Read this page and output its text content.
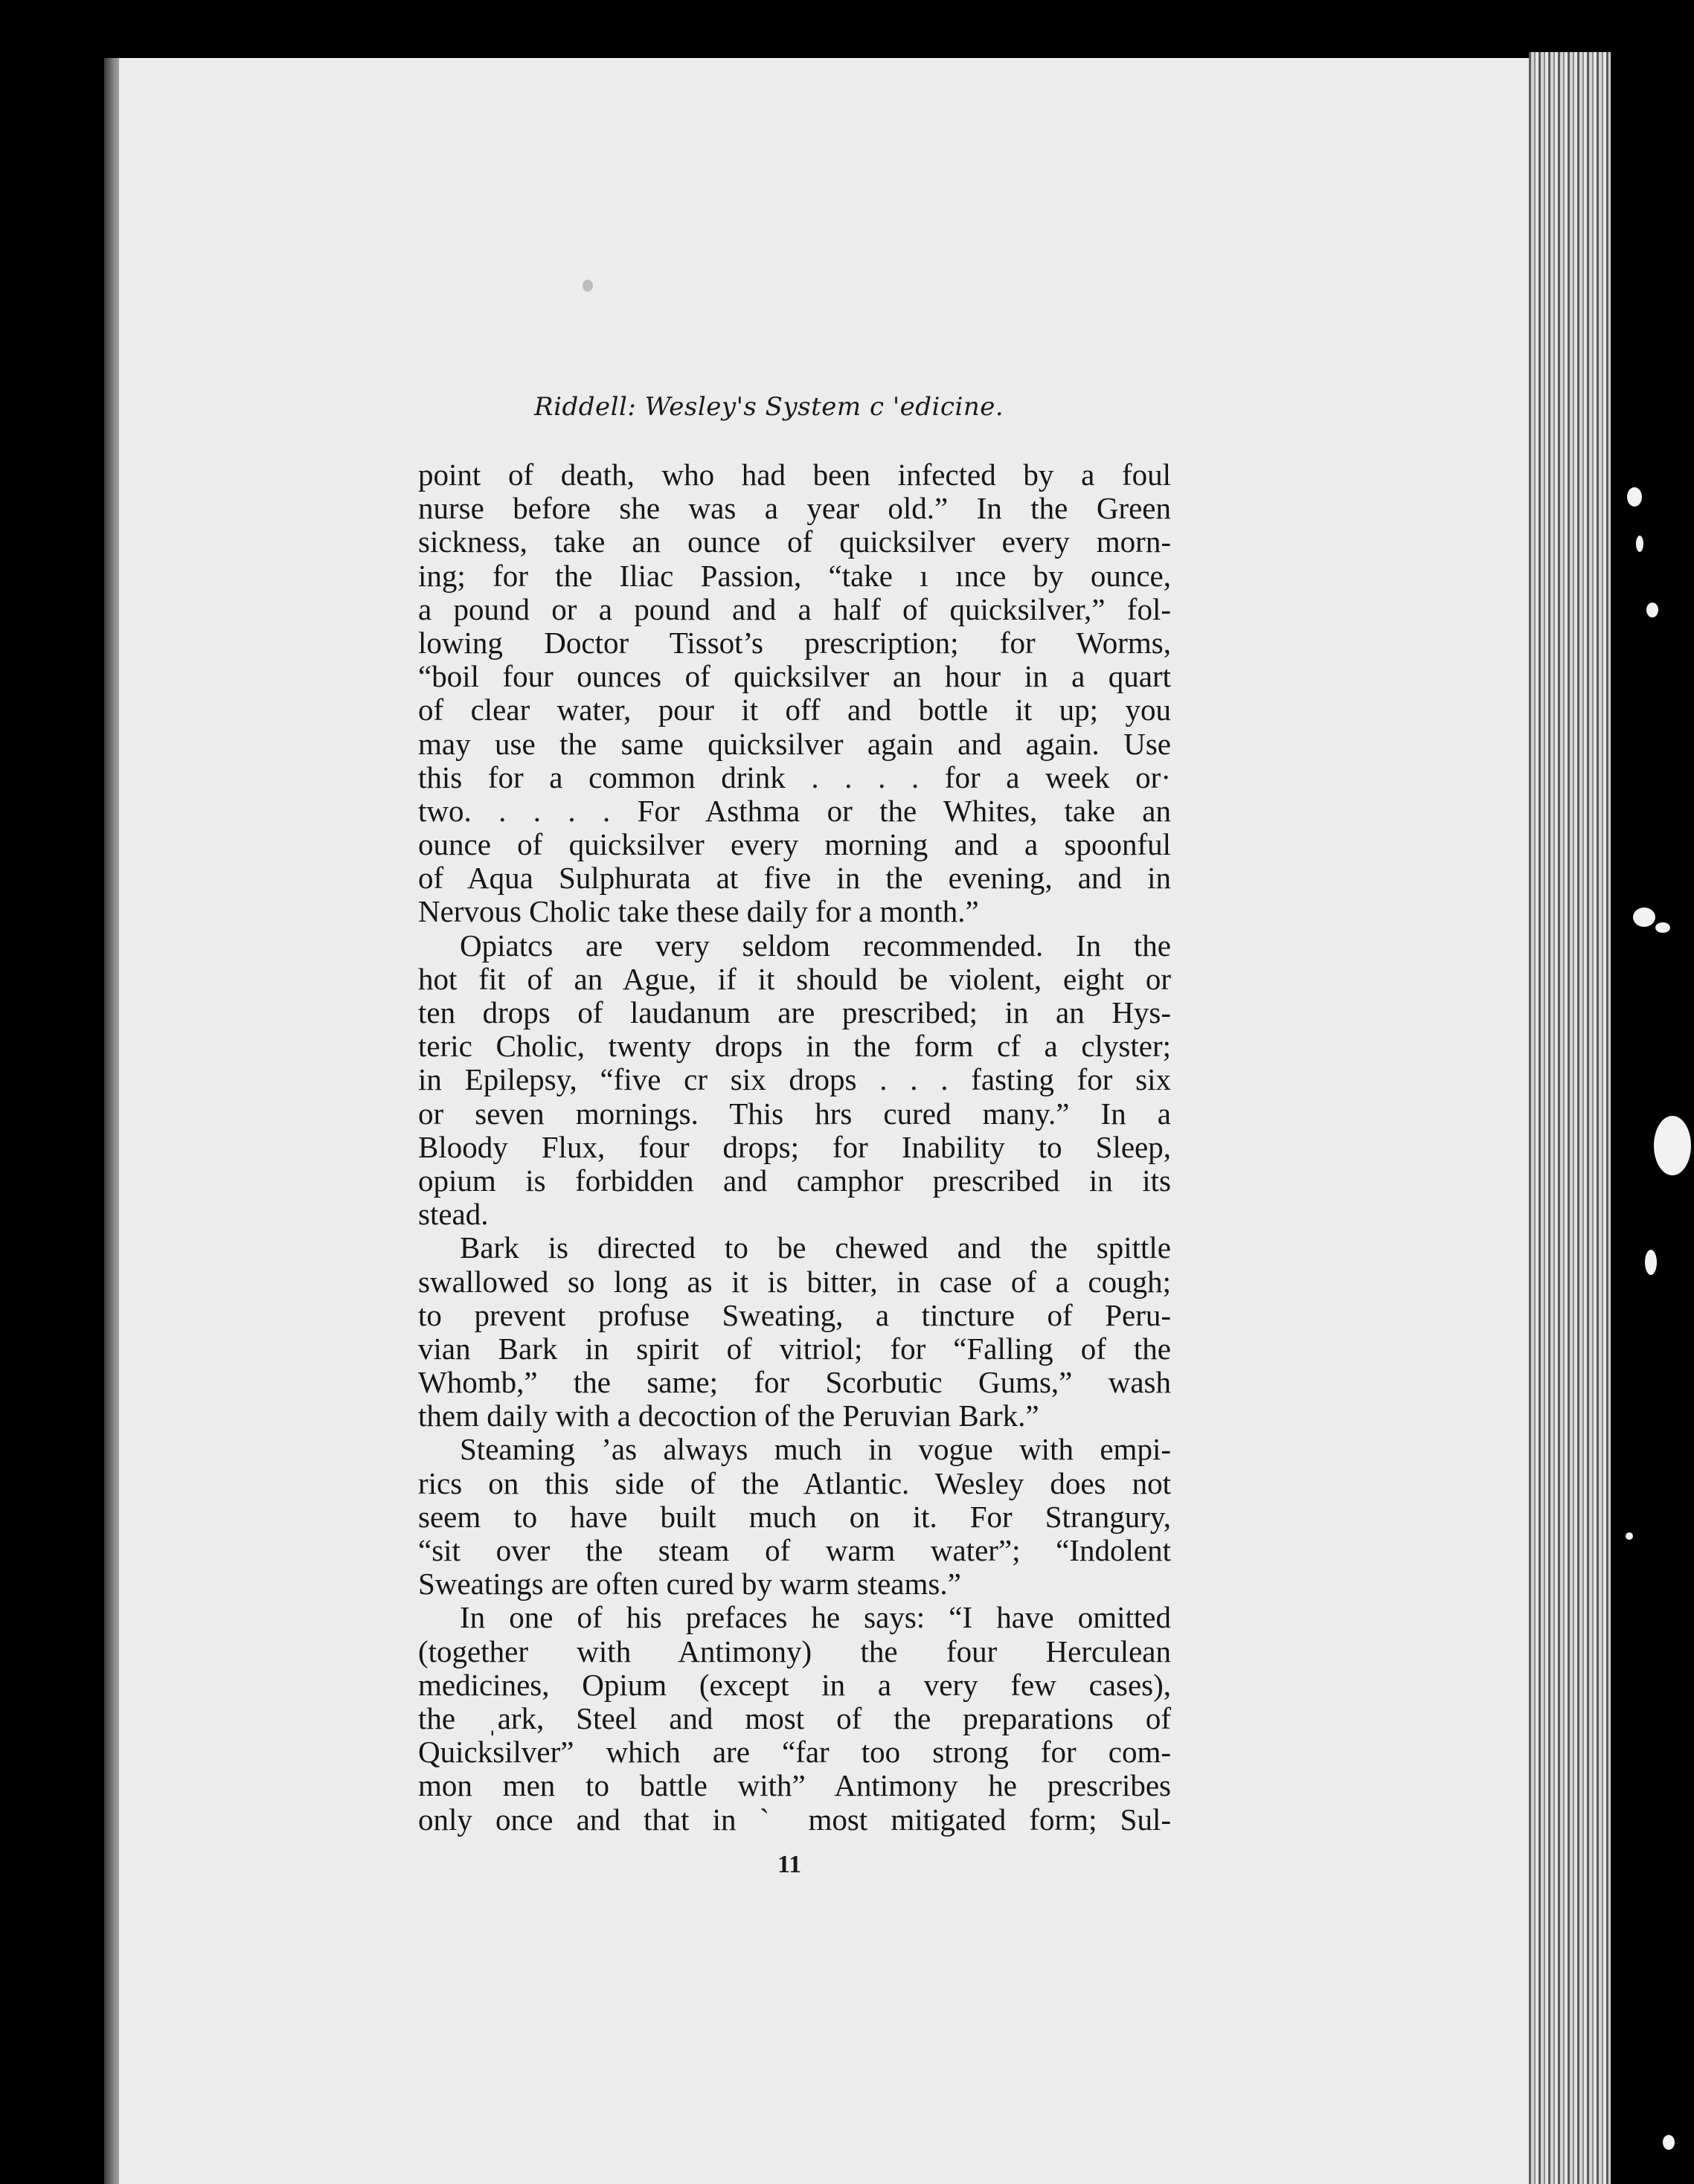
Riddell: Wesley's System c 'edicine.
point of death, who had been infected by a foul
nurse before she was a year old.” In the Green
sickness, take an ounce of quicksilver every morn-
ing; for the Iliac Passion, “take ı ınce by ounce,
a pound or a pound and a half of quicksilver,” fol-
lowing Doctor Tissot’s prescription; for Worms,
“boil four ounces of quicksilver an hour in a quart
of clear water, pour it off and bottle it up; you
may use the same quicksilver again and again. Use
this for a common drink . . . . for a week or·
two. . . . . For Asthma or the Whites, take an
ounce of quicksilver every morning and a spoonful
of Aqua Sulphurata at five in the evening, and in
Nervous Cholic take these daily for a month.”
Opiatcs are very seldom recommended. In the
hot fit of an Ague, if it should be violent, eight or
ten drops of laudanum are prescribed; in an Hys-
teric Cholic, twenty drops in the form cf a clyster;
in Epilepsy, “five cr six drops . . . fasting for six
or seven mornings. This hrs cured many.” In a
Bloody Flux, four drops; for Inability to Sleep,
opium is forbidden and camphor prescribed in its
stead.
Bark is directed to be chewed and the spittle
swallowed so long as it is bitter, in case of a cough;
to prevent profuse Sweating, a tincture of Peru-
vian Bark in spirit of vitriol; for “Falling of the
Whomb,” the same; for Scorbutic Gums,” wash
them daily with a decoction of the Peruvian Bark.”
Steaming ’as always much in vogue with empi-
rics on this side of the Atlantic. Wesley does not
seem to have built much on it. For Strangury,
“sit over the steam of warm water”; “Indolent
Sweatings are often cured by warm steams.”
In one of his prefaces he says: “I have omitted
(together with Antimony) the four Herculean
medicines, Opium (except in a very few cases),
the ˌark, Steel and most of the preparations of
Quicksilver” which are “far too strong for com-
mon men to battle with” Antimony he prescribes
only once and that in ˋ most mitigated form; Sul-
11
